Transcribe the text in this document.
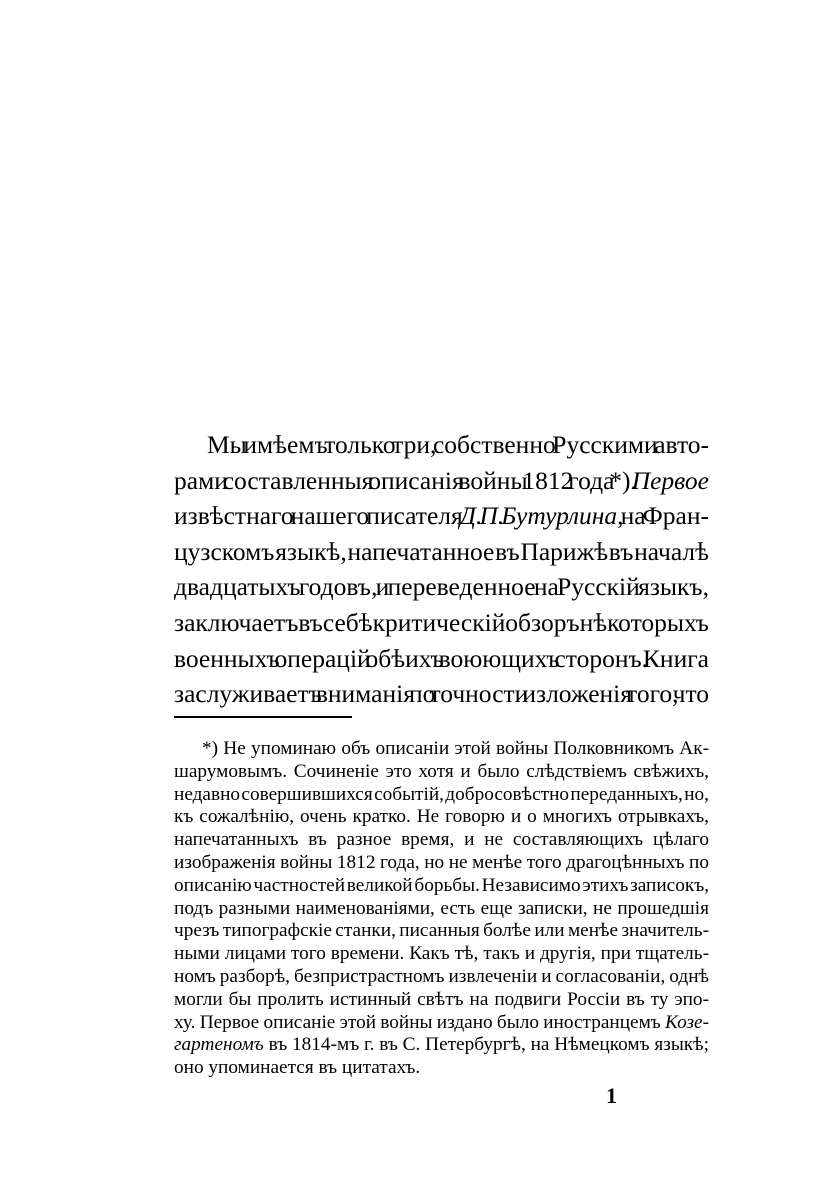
Мы имѣемъ только три, собственно Русскими авто-

рами составленныя описанія войны 1812 года *). Первое

извѣстнаго нашего писателя Д. П. Бутурлина, на Фран-

цузскомъ языкѣ, напечатанное въ Парижѣ въ началѣ

двадцатыхъ годовъ, и переведенное на Русскій языкъ,

заключаетъ въ себѣ критическій обзоръ нѣкоторыхъ

военныхъ операцій обѣихъ воюющихъ сторонъ. Книга

заслуживаетъ вниманія по точности изложенія того, что

*) Не упоминаю объ описаніи этой войны Полковникомъ Ак-

шарумовымъ. Сочиненіе это хотя и было слѣдствіемъ свѣжихъ,

недавно совершившихся событій, добросовѣстно переданныхъ, но,

къ сожалѣнію, очень кратко. Не говорю и о многихъ отрывкахъ,

напечатанныхъ въ разное время, и не составляющихъ цѣлаго

изображенія войны 1812 года, но не менѣе того драгоцѣнныхъ по

описанію частностей великой борьбы. Независимо этихъ записокъ,

подъ разными наименованіями, есть еще записки, не прошедшія

чрезъ типографскіе станки, писанныя болѣе или менѣе значитель-

ными лицами того времени. Какъ тѣ, такъ и другія, при тщатель-

номъ разборѣ, безпристрастномъ извлеченіи и согласованіи, однѣ

могли бы пролить истинный свѣтъ на подвиги Россіи въ ту эпо-

ху. Первое описаніе этой войны издано было иностранцемъ Козе-

гартеномъ въ 1814-мъ г. въ С. Петербургѣ, на Нѣмецкомъ языкѣ;

оно упоминается въ цитатахъ.

1
